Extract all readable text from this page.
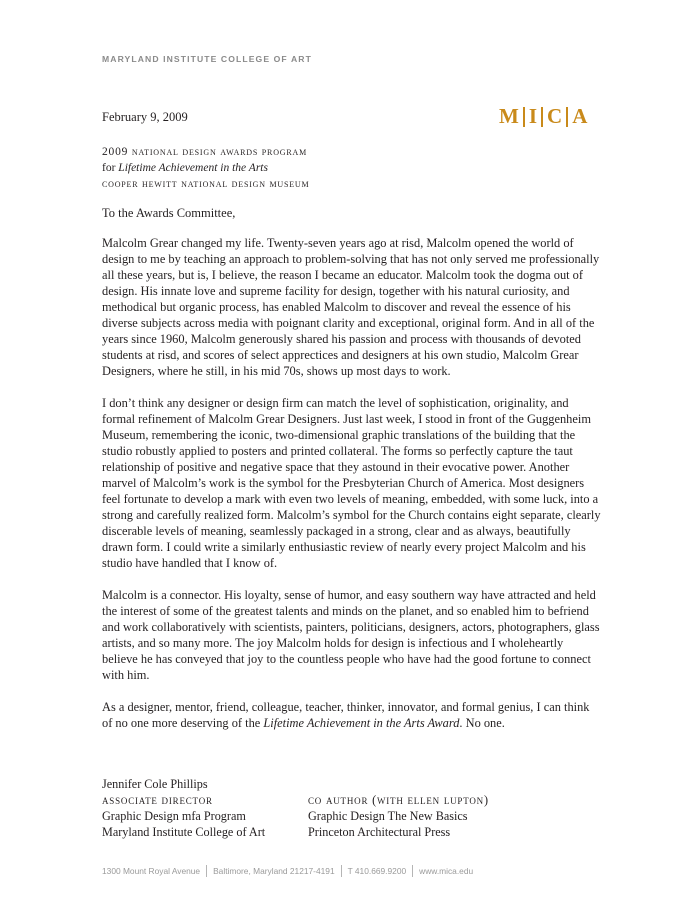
MARYLAND INSTITUTE COLLEGE OF ART
M I C A
February 9, 2009
2009 national design awards program
for Lifetime Achievement in the Arts
cooper hewitt national design museum
To the Awards Committee,

Malcolm Grear changed my life. Twenty-seven years ago at risd, Malcolm opened the world of design to me by teaching an approach to problem-solving that has not only served me professionally all these years, but is, I believe, the reason I became an educator. Malcolm took the dogma out of design. His innate love and supreme facility for design, together with his natural curiosity, and methodical but organic process, has enabled Malcolm to discover and reveal the essence of his diverse subjects across media with poignant clarity and exceptional, original form. And in all of the years since 1960, Malcolm generously shared his passion and process with thousands of devoted students at risd, and scores of select apprectices and designers at his own studio, Malcolm Grear Designers, where he still, in his mid 70s, shows up most days to work.

I don’t think any designer or design firm can match the level of sophistication, originality, and formal refinement of Malcolm Grear Designers. Just last week, I stood in front of the Guggenheim Museum, remembering the iconic, two-dimensional graphic translations of the building that the studio robustly applied to posters and printed collateral. The forms so perfectly capture the taut relationship of positive and negative space that they astound in their evocative power. Another marvel of Malcolm’s work is the symbol for the Presbyterian Church of America. Most designers feel fortunate to develop a mark with even two levels of meaning, embedded, with some luck, into a strong and carefully realized form. Malcolm’s symbol for the Church contains eight separate, clearly discerable levels of meaning, seamlessly packaged in a strong, clear and as always, beautifully drawn form. I could write a similarly enthusiastic review of nearly every project Malcolm and his studio have handled that I know of.

Malcolm is a connector. His loyalty, sense of humor, and easy southern way have attracted and held the interest of some of the greatest talents and minds on the planet, and so enabled him to befriend and work collaboratively with scientists, painters, politicians, designers, actors, photographers, glass artists, and so many more. The joy Malcolm holds for design is infectious and I wholeheartly believe he has conveyed that joy to the countless people who have had the good fortune to connect with him.

As a designer, mentor, friend, colleague, teacher, thinker, innovator, and formal genius, I can think of no one more deserving of the Lifetime Achievement in the Arts Award. No one.

Jennifer Cole Phillips
associate director
Graphic Design mfa Program
Maryland Institute College of Art
co author (with ellen lupton)
Graphic Design The New Basics
Princeton Architectural Press
1300 Mount Royal Avenue Baltimore, Maryland 21217-4191 T 410.669.9200 www.mica.edu
